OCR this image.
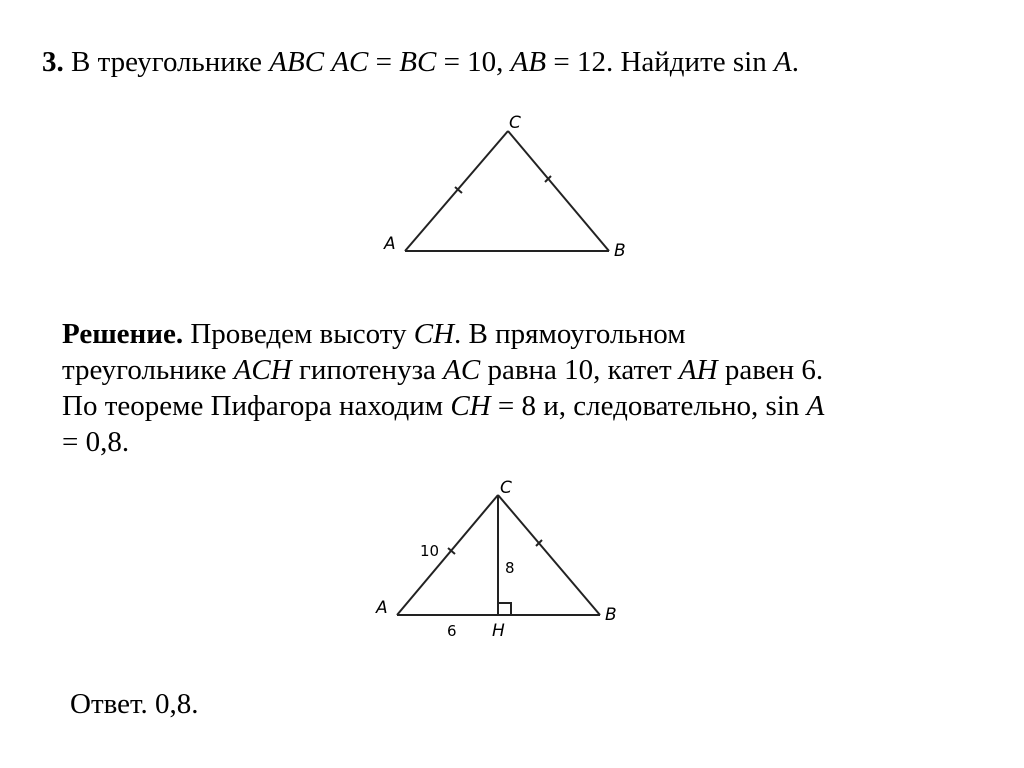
3. В треугольнике ABC AC = BC = 10, AB = 12. Найдите sin A.
A	B
C
Решение. Проведем высоту CH. В прямоугольном
треугольнике ACH гипотенуза AC равна 10, катет AH равен 6.
По теореме Пифагора находим CH = 8 и, следовательно, sin A
= 0,8.
A	B
C
H
10
8
6
Ответ. 0,8.
